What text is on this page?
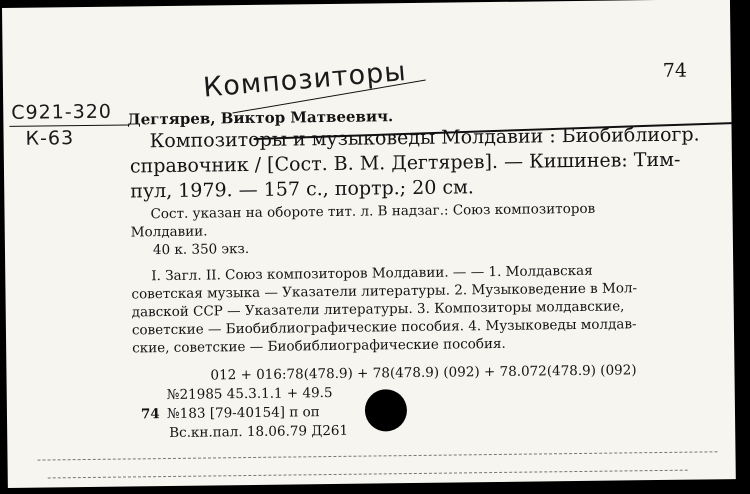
Композиторы	74
С921-320
К-63
Дегтярев, Виктор Матвеевич.
Композиторы и музыковеды Молдавии : Биобиблиогр.
справочник / [Сост. В. М. Дегтярев]. — Кишинев: Тим-
пул, 1979. — 157 с., портр.; 20 см.
Сост. указан на обороте тит. л. В надзаг.: Союз композиторов
Молдавии.
40 к. 350 экз.
I. Загл. II. Союз композиторов Молдавии. — — 1. Молдавская
советская музыка — Указатели литературы. 2. Музыковедение в Мол-
давской ССР — Указатели литературы. 3. Композиторы молдавские,
советские — Биобиблиографические пособия. 4. Музыковеды молдав-
ские, советские — Биобиблиографические пособия.
012 + 016:78(478.9) + 78(478.9) (092) + 78.072(478.9) (092)
№21985 45.3.1.1 + 49.5
74 №183 [79-40154] п оп
Вс.кн.пал. 18.06.79 Д261
